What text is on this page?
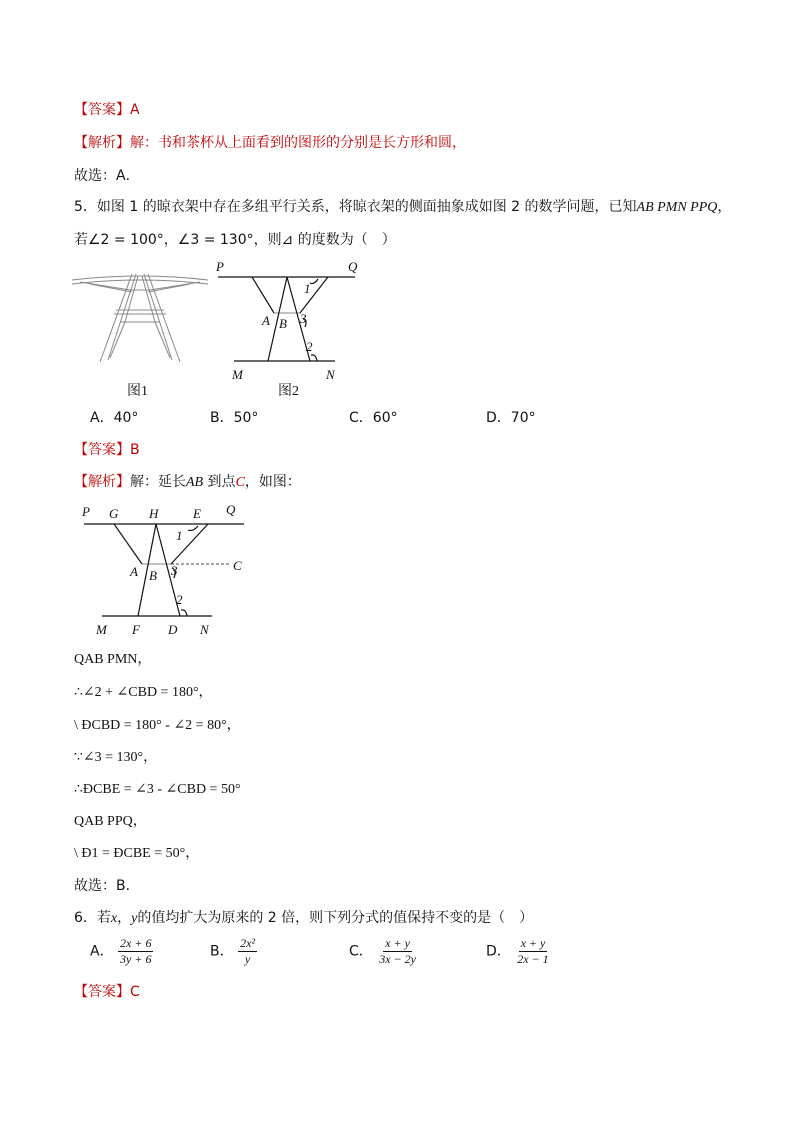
【答案】A
【解析】解：书和茶杯从上面看到的图形的分别是长方形和圆，
故选：A．
5．如图 1 的晾衣架中存在多组平行关系，将晾衣架的侧面抽象成如图 2 的数学问题，已知AB PMN PPQ，
若∠2 = 100°，∠3 = 130°，则⊿ 的度数为（　）
图1
P	Q
1
A B 3
2
M	N
图2
A．40°	B．50°	C．60°	D．70°
【答案】B
【解析】解：延长AB 到点C，如图：
P G H	E Q
1
A B 3	C
2
M F D N
QAB PMN，
∴∠2 + ∠CBD = 180°，
\ ÐCBD = 180° - ∠2 = 80°，
∵∠3 = 130°，
∴ÐCBE = ∠3 - ∠CBD = 50°
QAB PPQ，
\ Ð1 = ÐCBE = 50°，
故选：B．
6．若x，y的值均扩大为原来的 2 倍，则下列分式的值保持不变的是（　）
A． $\frac{2x + 6}{3y + 6}$	B． $\frac{\text{2x²}}{y}$	C． $\frac{x + y}{3x - 2y}$	D． $\frac{x + y}{2x - 1}$
【答案】C
